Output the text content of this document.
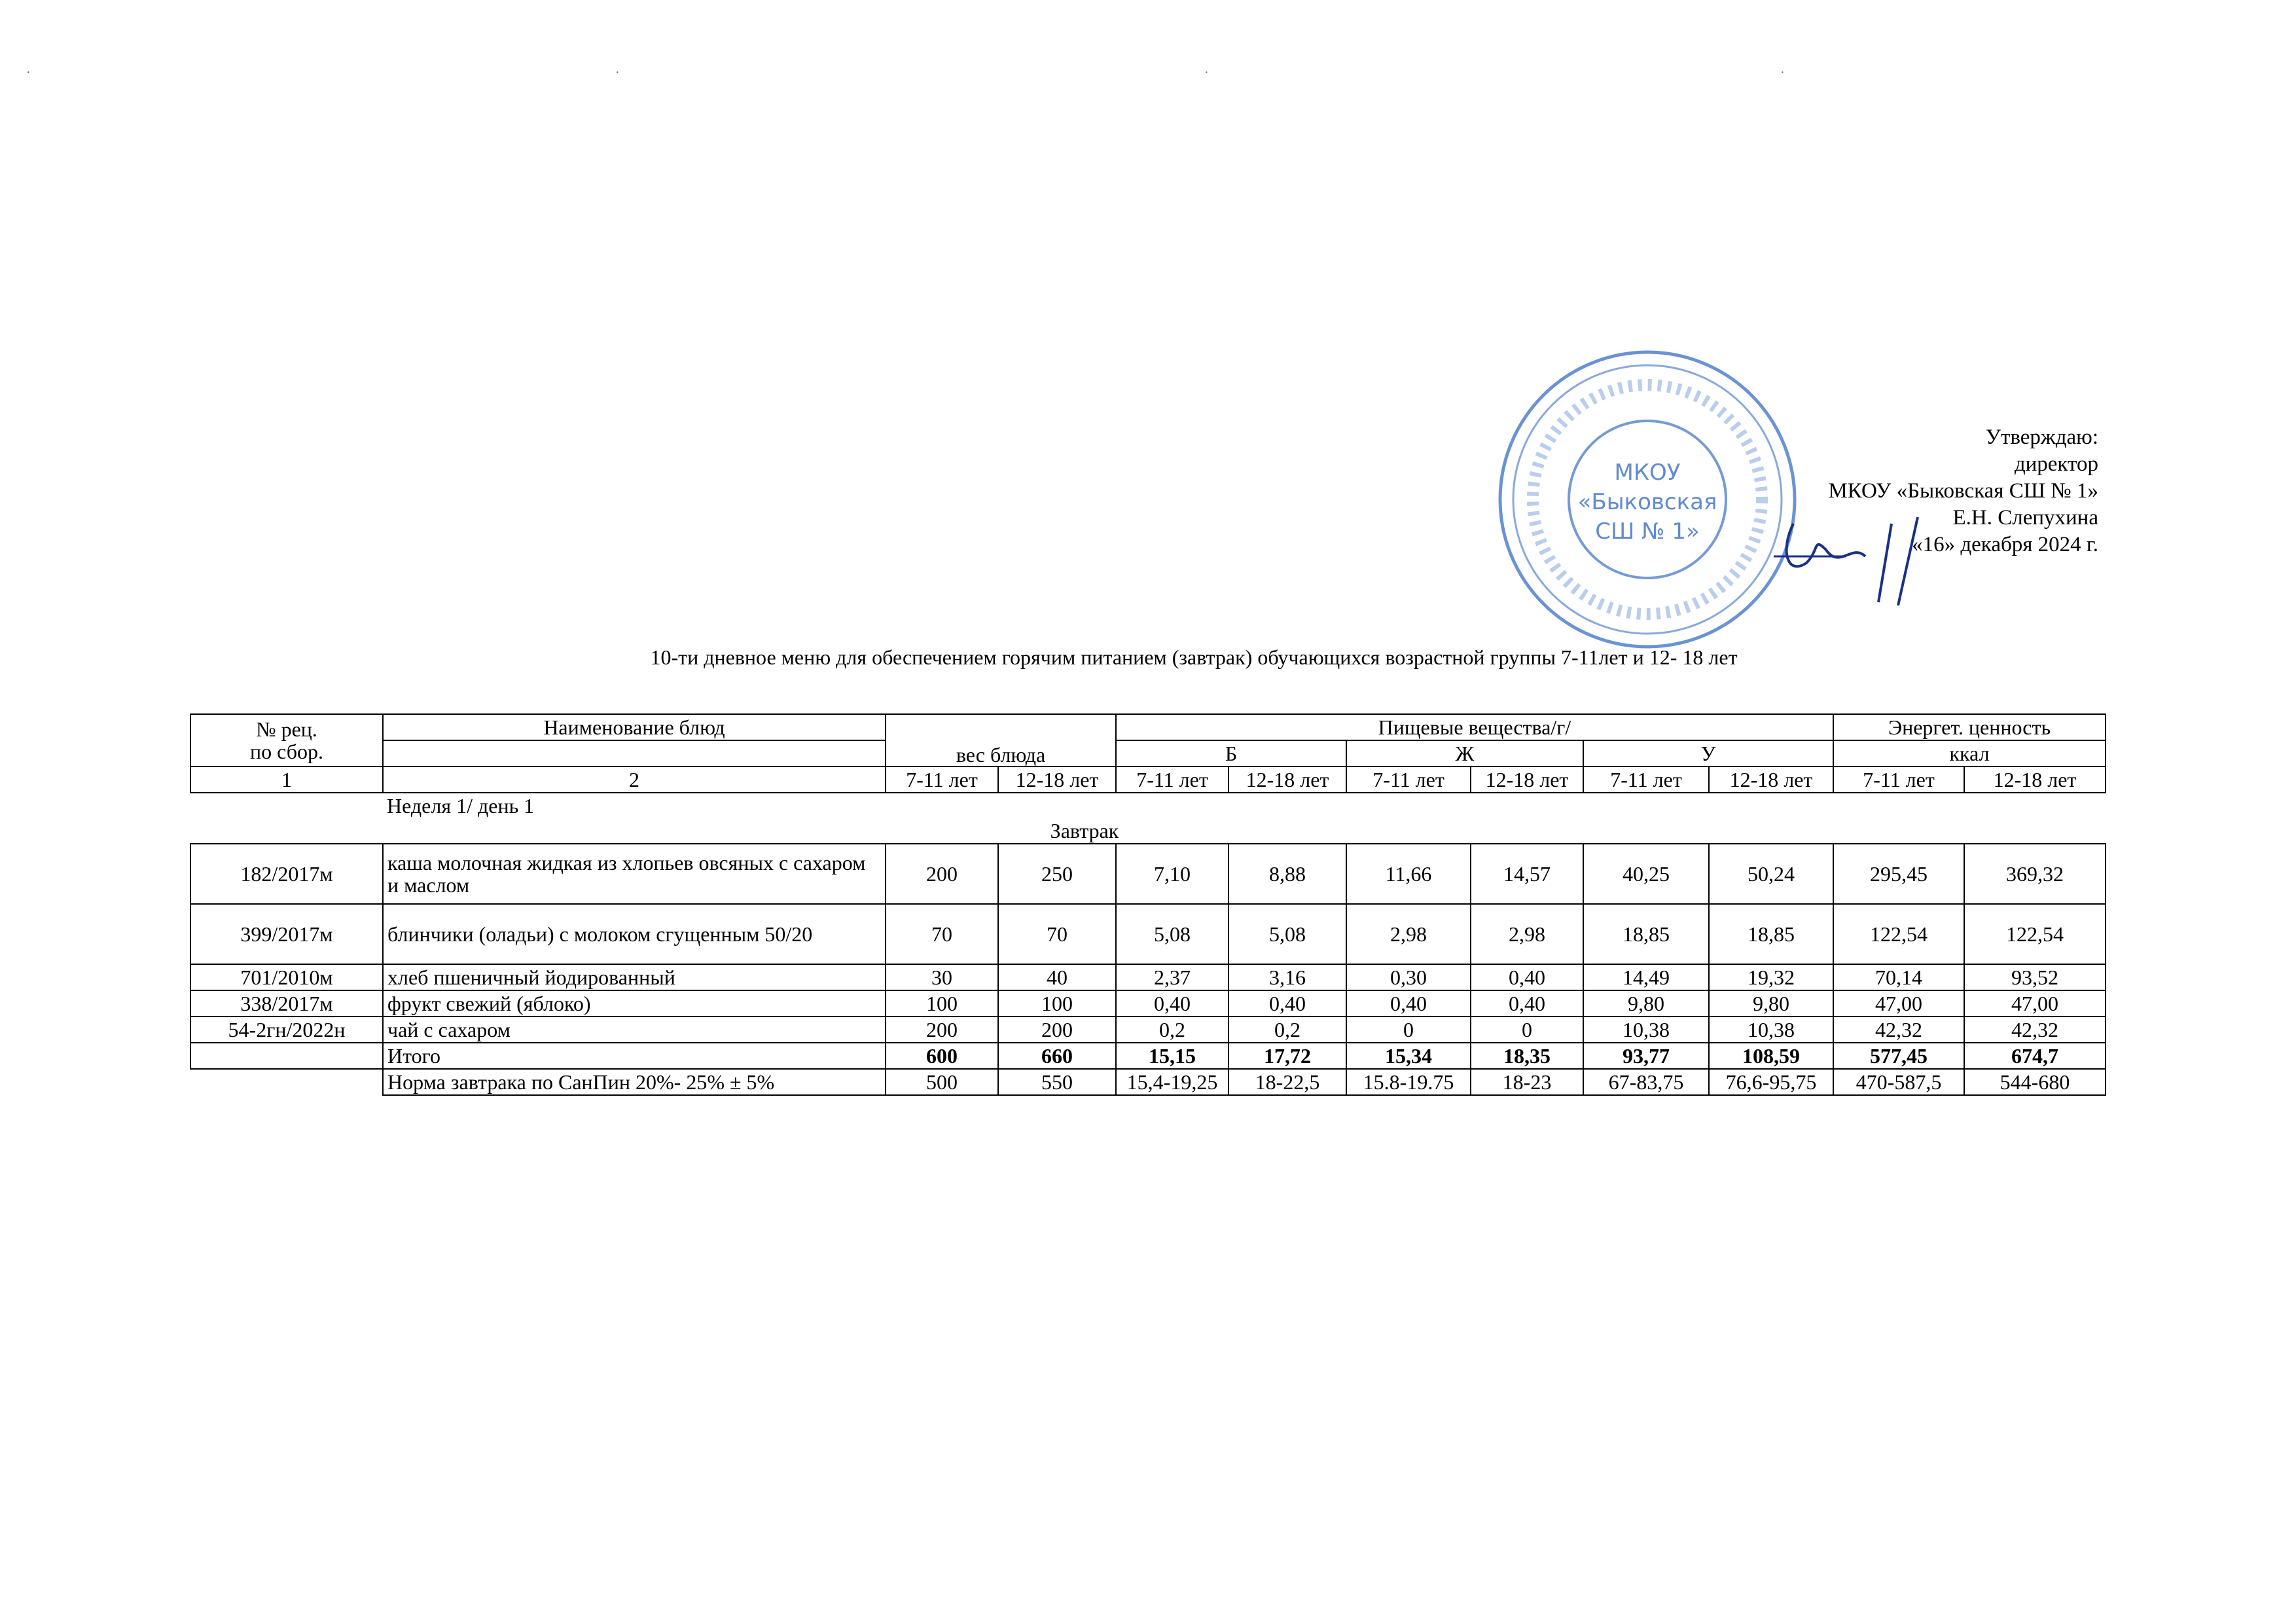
·	·	·	·
МКОУ
«Быковская
СШ № 1»
Утверждаю:
директор
МКОУ «Быковская СШ № 1»
Е.Н. Слепухина
«16» декабря 2024 г.
10-ти дневное меню для обеспечением горячим питанием (завтрак) обучающихся возрастной группы 7-11лет и 12- 18 лет
№ рец.
по сбор.	Наименование блюд	вес блюда		Пищевые вещества/г/						Энергет. ценность	
				Б		Ж		У		ккал	
1	2	7-11 лет	12-18 лет	7-11 лет	12-18 лет	7-11 лет	12-18 лет	7-11 лет	12-18 лет	7-11 лет	12-18 лет
	Неделя 1/ день 1										
Завтрак											
182/2017м	каша молочная жидкая из хлопьев овсяных с сахаром и маслом	200	250	7,10	8,88	11,66	14,57	40,25	50,24	295,45	369,32
399/2017м	блинчики (оладьи) с молоком сгущенным 50/20	70	70	5,08	5,08	2,98	2,98	18,85	18,85	122,54	122,54
701/2010м	хлеб пшеничный йодированный	30	40	2,37	3,16	0,30	0,40	14,49	19,32	70,14	93,52
338/2017м	фрукт свежий (яблоко)	100	100	0,40	0,40	0,40	0,40	9,80	9,80	47,00	47,00
54-2гн/2022н	чай с сахаром	200	200	0,2	0,2	0	0	10,38	10,38	42,32	42,32
	Итого	600	660	15,15	17,72	15,34	18,35	93,77	108,59	577,45	674,7
	Норма завтрака по СанПин 20%- 25% ± 5%	500	550	15,4-19,25	18-22,5	15.8-19.75	18-23	67-83,75	76,6-95,75	470-587,5	544-680
